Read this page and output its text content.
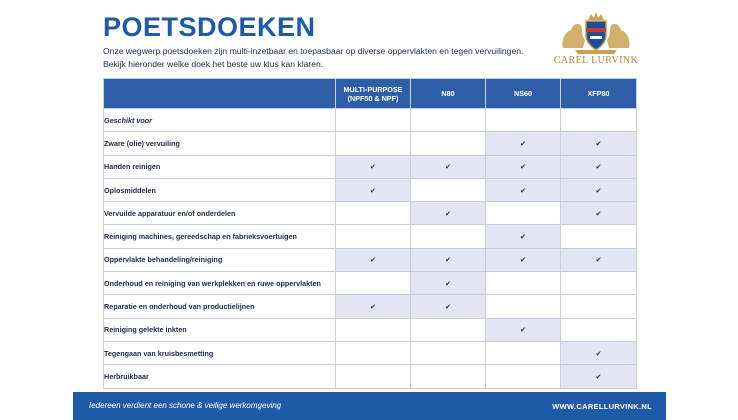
POETSDOEKEN
Onze wegwerp poetsdoeken zijn multi-inzetbaar en toepasbaar op diverse oppervlakten en tegen vervuilingen.
Bekijk hieronder welke doek het beste uw klus kan klaren.	CAREL LURVINK
	MULTI-PURPOSE
(NPF50 & NPF)	N80	NS60	XFP80
Geschikt voor				
Zware (olie) vervuiling			✔	✔
Handen reinigen	✔	✔	✔	✔
Oplosmiddelen	✔		✔	✔
Vervuilde apparatuur en/of onderdelen		✔		✔
Reiniging machines, gereedschap en fabrieksvoertuigen			✔	
Oppervlakte behandeling/reiniging	✔	✔	✔	✔
Onderhoud en reiniging van werkplekken en ruwe oppervlakten		✔		
Reparatie en onderhoud van productielijnen	✔	✔		
Reiniging gelekte inkten			✔	
Tegengaan van kruisbesmetting				✔
Herbruikbaar				✔
Iedereen verdient een schone & veilige werkomgeving	WWW.CARELLURVINK.NL
